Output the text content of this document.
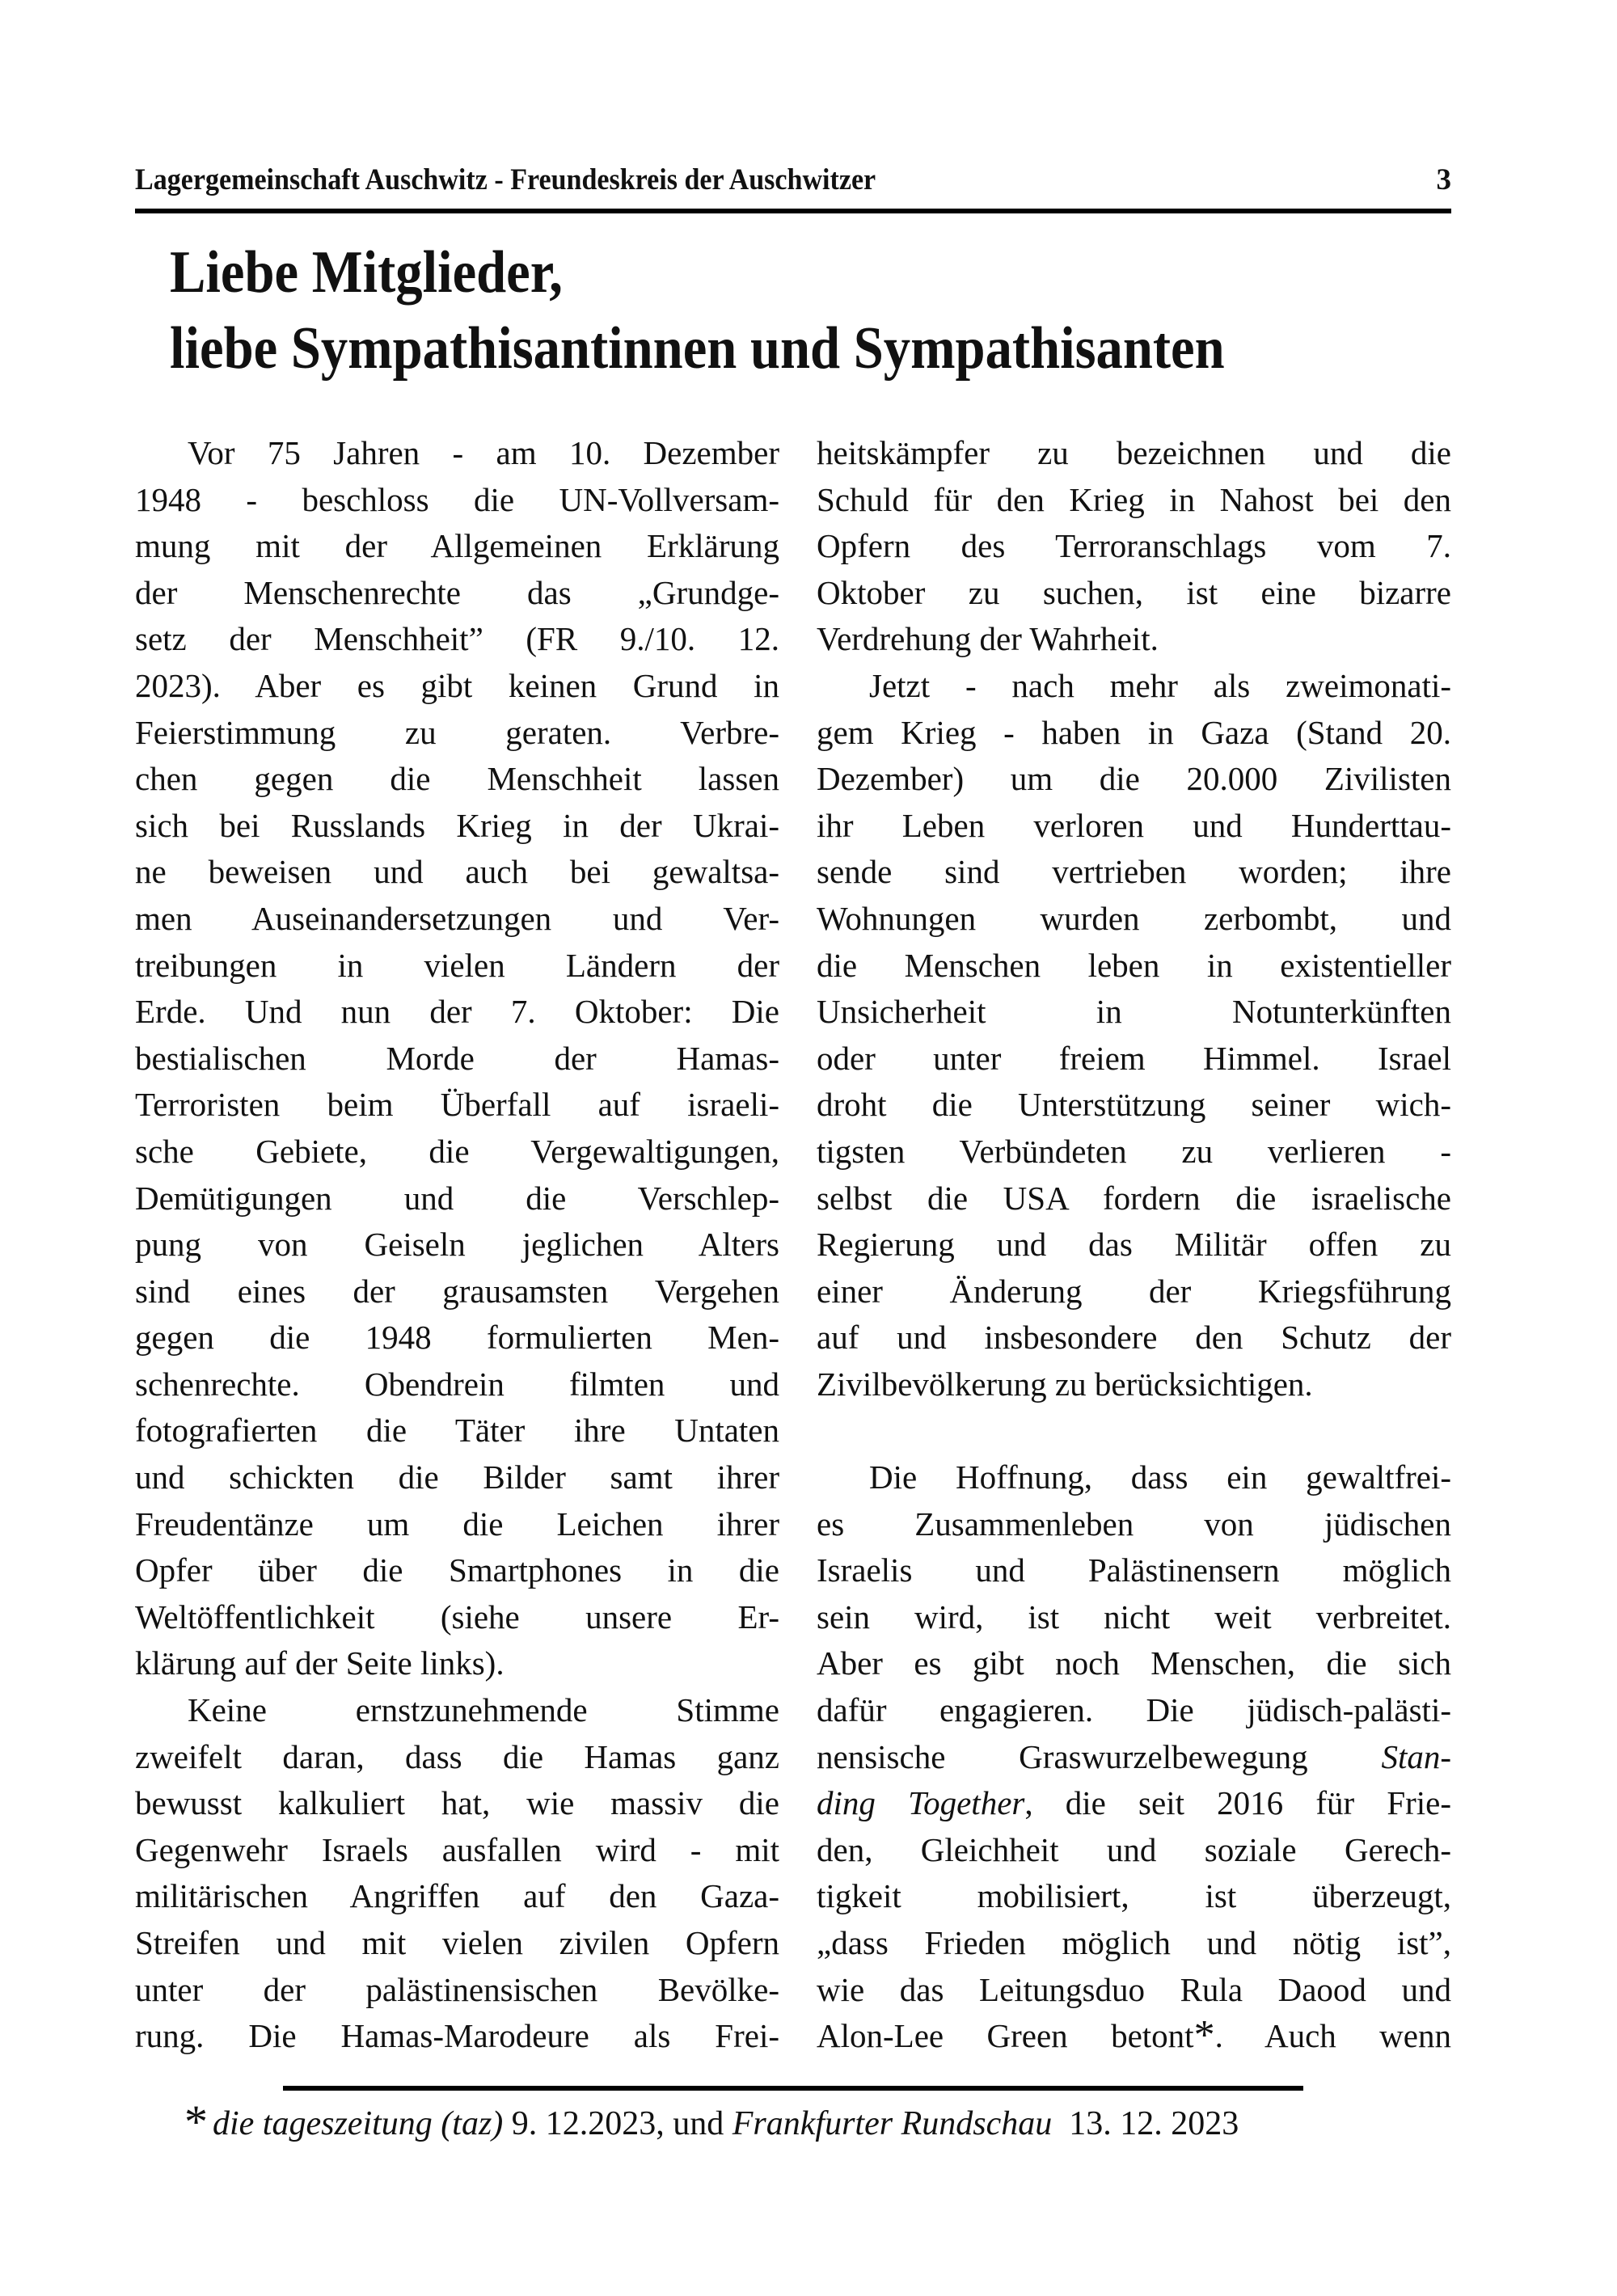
Lagergemeinschaft Auschwitz - Freundeskreis der Auschwitzer	3
Liebe Mitglieder,
liebe Sympathisantinnen und Sympathisanten
Vor 75 Jahren - am 10. Dezember
1948 - beschloss die UN-Vollversam-
mung mit der Allgemeinen Erklärung
der Menschenrechte das „Grundge-
setz der Menschheit” (FR 9./10. 12.
2023). Aber es gibt keinen Grund in
Feierstimmung zu geraten. Verbre-
chen gegen die Menschheit lassen
sich bei Russlands Krieg in der Ukrai-
ne beweisen und auch bei gewaltsa-
men Auseinandersetzungen und Ver-
treibungen in vielen Ländern der
Erde. Und nun der 7. Oktober: Die
bestialischen Morde der Hamas-
Terroristen beim Überfall auf israeli-
sche Gebiete, die Vergewaltigungen,
Demütigungen und die Verschlep-
pung von Geiseln jeglichen Alters
sind eines der grausamsten Vergehen
gegen die 1948 formulierten Men-
schenrechte. Obendrein filmten und
fotografierten die Täter ihre Untaten
und schickten die Bilder samt ihrer
Freudentänze um die Leichen ihrer
Opfer über die Smartphones in die
Weltöffentlichkeit (siehe unsere Er-
klärung auf der Seite links).
Keine ernstzunehmende Stimme
zweifelt daran, dass die Hamas ganz
bewusst kalkuliert hat, wie massiv die
Gegenwehr Israels ausfallen wird - mit
militärischen Angriffen auf den Gaza-
Streifen und mit vielen zivilen Opfern
unter der palästinensischen Bevölke-
rung. Die Hamas-Marodeure als Frei-
heitskämpfer zu bezeichnen und die
Schuld für den Krieg in Nahost bei den
Opfern des Terroranschlags vom 7.
Oktober zu suchen, ist eine bizarre
Verdrehung der Wahrheit.
Jetzt - nach mehr als zweimonati-
gem Krieg - haben in Gaza (Stand 20.
Dezember) um die 20.000 Zivilisten
ihr Leben verloren und Hunderttau-
sende sind vertrieben worden; ihre
Wohnungen wurden zerbombt, und
die Menschen leben in existentieller
Unsicherheit in Notunterkünften
oder unter freiem Himmel. Israel
droht die Unterstützung seiner wich-
tigsten Verbündeten zu verlieren -
selbst die USA fordern die israelische
Regierung und das Militär offen zu
einer Änderung der Kriegsführung
auf und insbesondere den Schutz der
Zivilbevölkerung zu berücksichtigen.
Die Hoffnung, dass ein gewaltfrei-
es Zusammenleben von jüdischen
Israelis und Palästinensern möglich
sein wird, ist nicht weit verbreitet.
Aber es gibt noch Menschen, die sich
dafür engagieren. Die jüdisch-palästi-
nensische Graswurzelbewegung Stan-
ding Together, die seit 2016 für Frie-
den, Gleichheit und soziale Gerech-
tigkeit mobilisiert, ist überzeugt,
„dass Frieden möglich und nötig ist”,
wie das Leitungsduo Rula Daood und
Alon-Lee Green betont*. Auch wenn
* die tageszeitung (taz) 9. 12.2023, und Frankfurter Rundschau  13. 12. 2023
